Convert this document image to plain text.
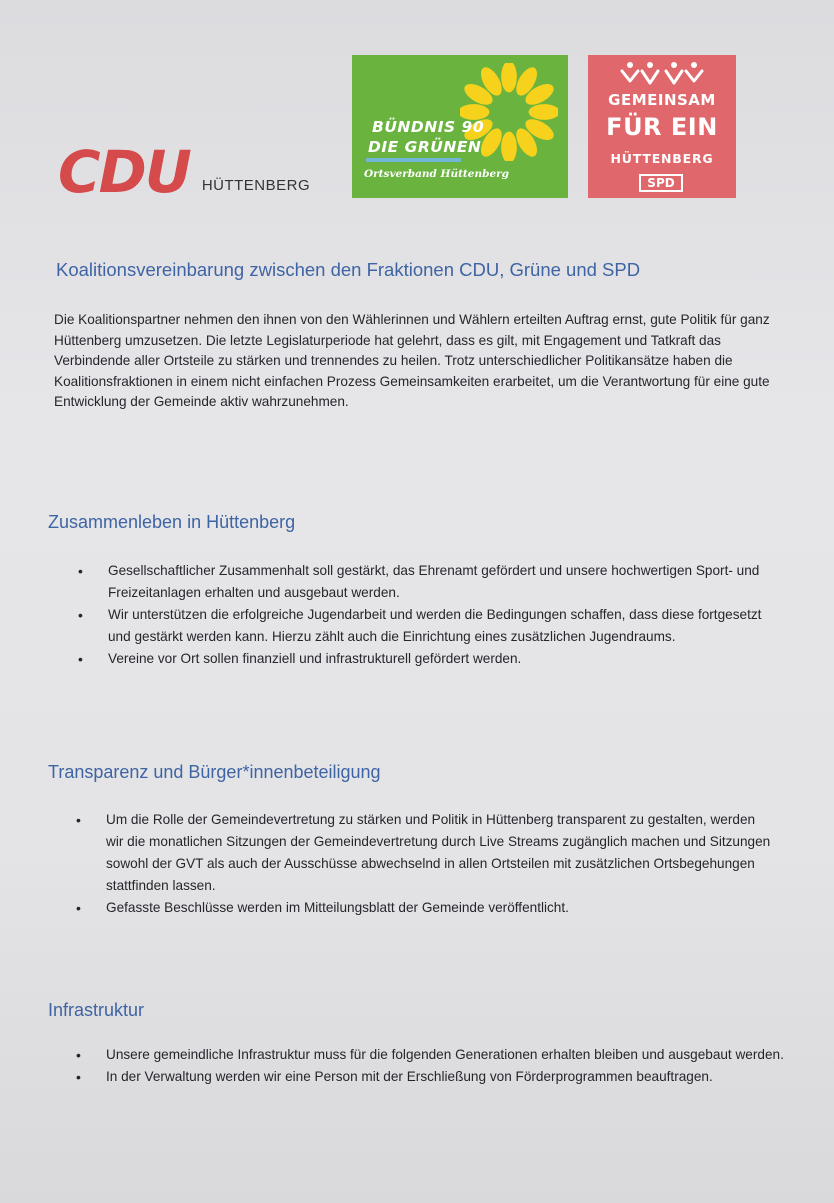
CDU HÜTTENBERG
BÜNDNIS 90
DIE GRÜNEN
Ortsverband Hüttenberg
GEMEINSAM
FÜR EIN
HÜTTENBERG
SPD
Koalitionsvereinbarung zwischen den Fraktionen CDU, Grüne und SPD
Die Koalitionspartner nehmen den ihnen von den Wählerinnen und Wählern erteilten Auftrag ernst, gute Politik für ganz Hüttenberg umzusetzen. Die letzte Legislaturperiode hat gelehrt, dass es gilt, mit Engagement und Tatkraft das Verbindende aller Ortsteile zu stärken und trennendes zu heilen. Trotz unterschiedlicher Politikansätze haben die Koalitionsfraktionen in einem nicht einfachen Prozess Gemeinsamkeiten erarbeitet, um die Verantwortung für eine gute Entwicklung der Gemeinde aktiv wahrzunehmen.
Zusammenleben in Hüttenberg
• Gesellschaftlicher Zusammenhalt soll gestärkt, das Ehrenamt gefördert und unsere hochwertigen Sport- und Freizeitanlagen erhalten und ausgebaut werden.
• Wir unterstützen die erfolgreiche Jugendarbeit und werden die Bedingungen schaffen, dass diese fortgesetzt und gestärkt werden kann. Hierzu zählt auch die Einrichtung eines zusätzlichen Jugendraums.
• Vereine vor Ort sollen finanziell und infrastrukturell gefördert werden.
Transparenz und Bürger*innenbeteiligung
• Um die Rolle der Gemeindevertretung zu stärken und Politik in Hüttenberg transparent zu gestalten, werden wir die monatlichen Sitzungen der Gemeindevertretung durch Live Streams zugänglich machen und Sitzungen sowohl der GVT als auch der Ausschüsse abwechselnd in allen Ortsteilen mit zusätzlichen Ortsbegehungen stattfinden lassen.
• Gefasste Beschlüsse werden im Mitteilungsblatt der Gemeinde veröffentlicht.
Infrastruktur
• Unsere gemeindliche Infrastruktur muss für die folgenden Generationen erhalten bleiben und ausgebaut werden.
• In der Verwaltung werden wir eine Person mit der Erschließung von Förderprogrammen beauftragen.
